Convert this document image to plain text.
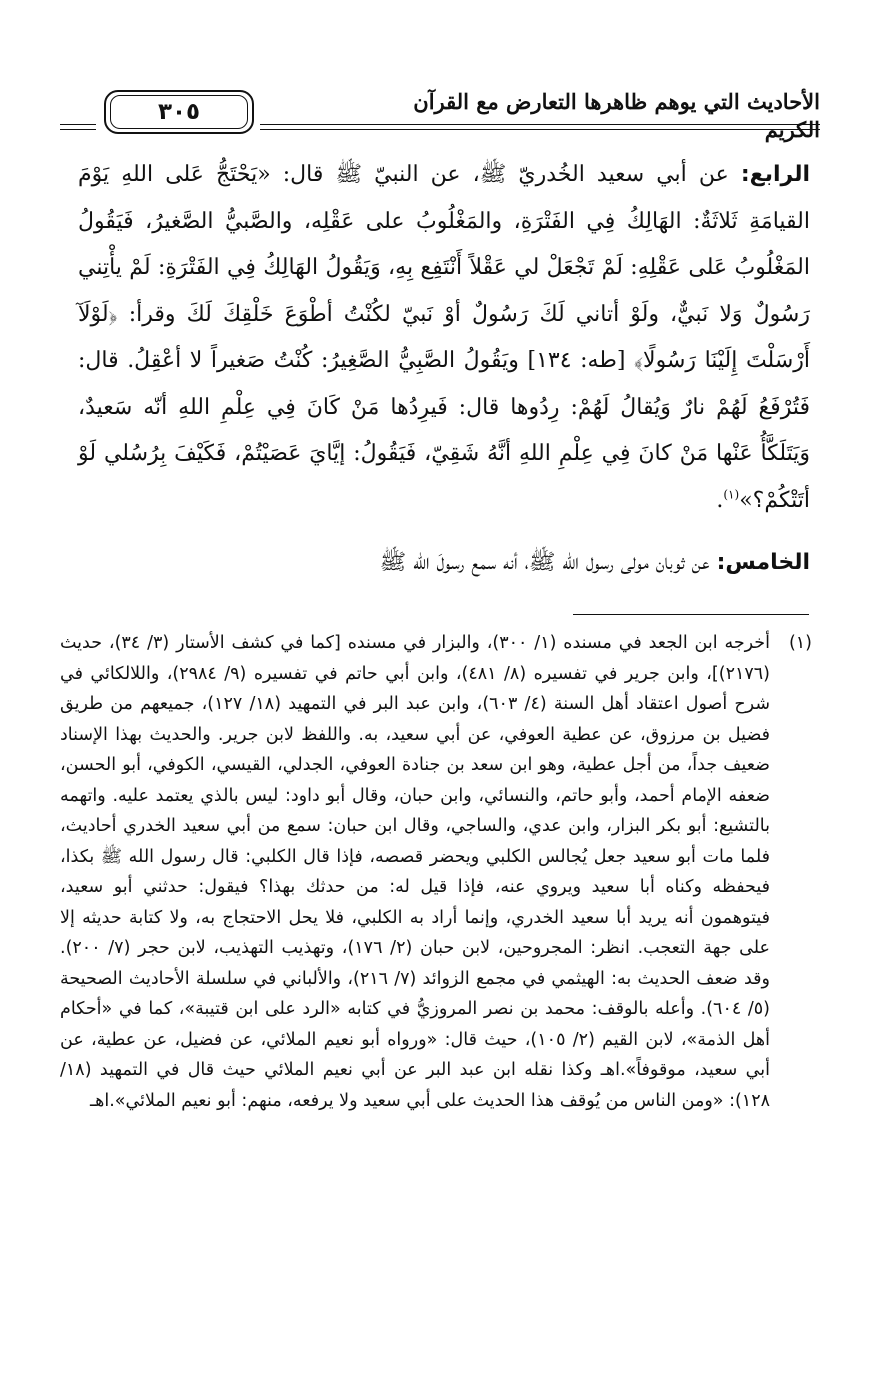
الأحاديث التي يوهم ظاهرها التعارض مع القرآن الكريم
٣٠٥

الرابع: عن أبي سعيد الخُدريّ ﷺ، عن النبيّ ﷺ قال: «يَحْتَجُّ عَلى اللهِ يَوْمَ القيامَةِ ثَلاثَةٌ: الهَالِكُ فِي الفَتْرَةِ، والمَغْلُوبُ على عَقْلِه، والصَّبيُّ الصَّغيرُ، فَيَقُولُ المَغْلُوبُ عَلى عَقْلِهِ: لَمْ تَجْعَلْ لي عَقْلاً أَنْتَفِع بِهِ، وَيَقُولُ الهَالِكُ فِي الفَتْرَةِ: لَمْ يأْتِني رَسُولٌ وَلا نَبيٌّ، ولَوْ أتاني لَكَ رَسُولٌ أوْ نَبيّ لكُنْتُ أطْوَعَ خَلْقِكَ لَكَ وقرأ: ﴿لَوْلَآ أَرْسَلْتَ إِلَيْنَا رَسُولًا﴾ [طه: ١٣٤] ويَقُولُ الصَّبِيُّ الصَّغِيرُ: كُنْتُ صَغيراً لا أعْقِلُ. قال: فَتُرْفَعُ لَهُمْ نارٌ وَيُقالُ لَهُمْ: رِدُوها قال: فَيرِدُها مَنْ كَانَ فِي عِلْمِ اللهِ أنّه سَعيدٌ، وَيَتَلَكَّأُ عَنْها مَنْ كانَ فِي عِلْمِ اللهِ أنَّهُ شَقِيّ، فَيَقُولُ: إيَّايَ عَصَيْتُمْ، فَكَيْفَ بِرُسُلي لَوْ أتَتْكُمْ؟»$^{(١)}$.

الخامس: عن ثوبان مولى رسول الله ﷺ، أنه سمع رسولَ الله ﷺ

(١)
أخرجه ابن الجعد في مسنده (١/ ٣٠٠)، والبزار في مسنده [كما في كشف الأستار (٣/ ٣٤)، حديث (٢١٧٦)]، وابن جرير في تفسيره (٨/ ٤٨١)، وابن أبي حاتم في تفسيره (٩/ ٢٩٨٤)، واللالكائي في شرح أصول اعتقاد أهل السنة (٤/ ٦٠٣)، وابن عبد البر في التمهيد (١٨/ ١٢٧)، جميعهم من طريق فضيل بن مرزوق، عن عطية العوفي، عن أبي سعيد، به. واللفظ لابن جرير. والحديث بهذا الإسناد ضعيف جداً، من أجل عطية، وهو ابن سعد بن جنادة العوفي، الجدلي، القيسي، الكوفي، أبو الحسن، ضعفه الإمام أحمد، وأبو حاتم، والنسائي، وابن حبان، وقال أبو داود: ليس بالذي يعتمد عليه. واتهمه بالتشيع: أبو بكر البزار، وابن عدي، والساجي، وقال ابن حبان: سمع من أبي سعيد الخدري أحاديث، فلما مات أبو سعيد جعل يُجالس الكلبي ويحضر قصصه، فإذا قال الكلبي: قال رسول الله ﷺ بكذا، فيحفظه وكناه أبا سعيد ويروي عنه، فإذا قيل له: من حدثك بهذا؟ فيقول: حدثني أبو سعيد، فيتوهمون أنه يريد أبا سعيد الخدري، وإنما أراد به الكلبي، فلا يحل الاحتجاج به، ولا كتابة حديثه إلا على جهة التعجب. انظر: المجروحين، لابن حبان (٢/ ١٧٦)، وتهذيب التهذيب، لابن حجر (٧/ ٢٠٠). وقد ضعف الحديث به: الهيثمي في مجمع الزوائد (٧/ ٢١٦)، والألباني في سلسلة الأحاديث الصحيحة (٥/ ٦٠٤). وأعله بالوقف: محمد بن نصر المروزيُّ في كتابه «الرد على ابن قتيبة»، كما في «أحكام أهل الذمة»، لابن القيم (٢/ ١٠٥)، حيث قال: «ورواه أبو نعيم الملائي، عن فضيل، عن عطية، عن أبي سعيد، موقوفاً».اهـ وكذا نقله ابن عبد البر عن أبي نعيم الملائي حيث قال في التمهيد (١٨/ ١٢٨): «ومن الناس من يُوقف هذا الحديث على أبي سعيد ولا يرفعه، منهم: أبو نعيم الملائي».اهـ
